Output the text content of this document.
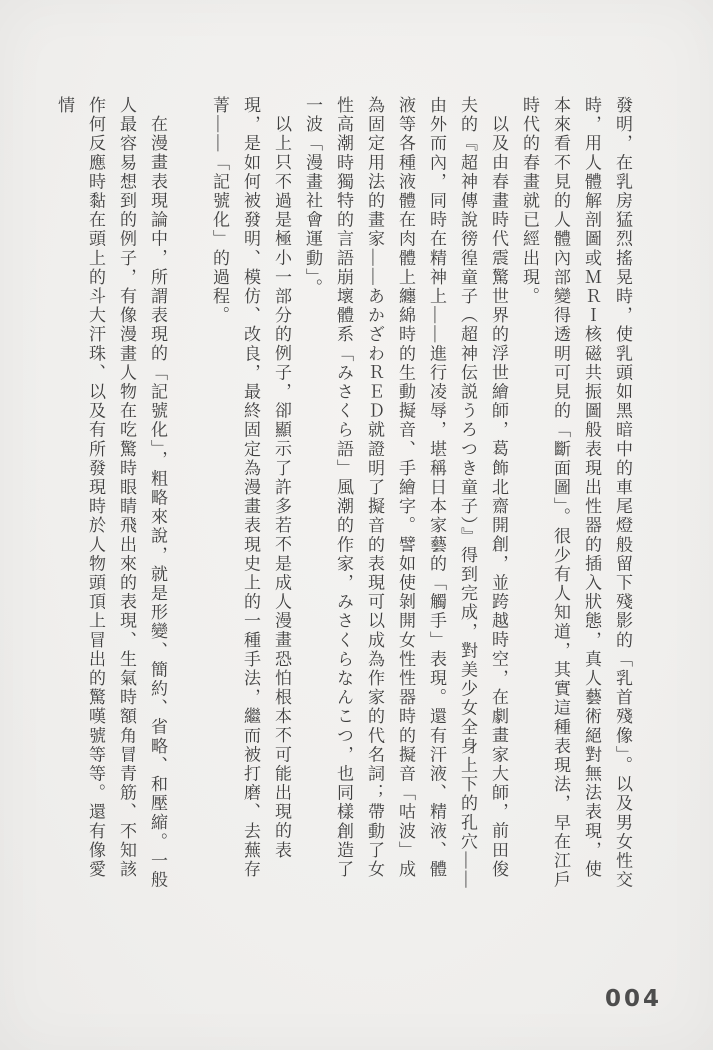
發明，在乳房猛烈搖晃時，使乳頭如黑暗中的車尾燈般留下殘影的「乳首殘像」。以及男女性交時，用人體解剖圖或ＭＲＩ核磁共振圖般表現出性器的插入狀態，真人藝術絕對無法表現，使本來看不見的人體內部變得透明可見的「斷面圖」。很少有人知道，其實這種表現法，早在江戶時代的春畫就已經出現。

以及由春畫時代震驚世界的浮世繪師，葛飾北齋開創，並跨越時空，在劇畫家大師，前田俊夫的『超神傳說徬徨童子（超神伝説うろつき童子）』得到完成，對美少女全身上下的孔穴——由外而內，同時在精神上——進行凌辱，堪稱日本家藝的「觸手」表現。還有汗液、精液、體液等各種液體在肉體上纏綿時的生動擬音、手繪字。譬如使剝開女性性器時的擬音「咕波」成為固定用法的畫家——あかざわＲＥＤ就證明了擬音的表現可以成為作家的代名詞；帶動了女性高潮時獨特的言語崩壞體系「みさくら語」風潮的作家，みさくらなんこつ，也同樣創造了一波「漫畫社會運動」。

以上只不過是極小一部分的例子，卻顯示了許多若不是成人漫畫恐怕根本不可能出現的表現，是如何被發明、模仿、改良，最終固定為漫畫表現史上的一種手法，繼而被打磨、去蕪存菁——「記號化」的過程。

在漫畫表現論中，所謂表現的「記號化」，粗略來說，就是形變、簡約、省略、和壓縮。一般人最容易想到的例子，有像漫畫人物在吃驚時眼睛飛出來的表現、生氣時額角冒青筋、不知該作何反應時黏在頭上的斗大汗珠、以及有所發現時於人物頭頂上冒出的驚嘆號等等。還有像愛情

004
